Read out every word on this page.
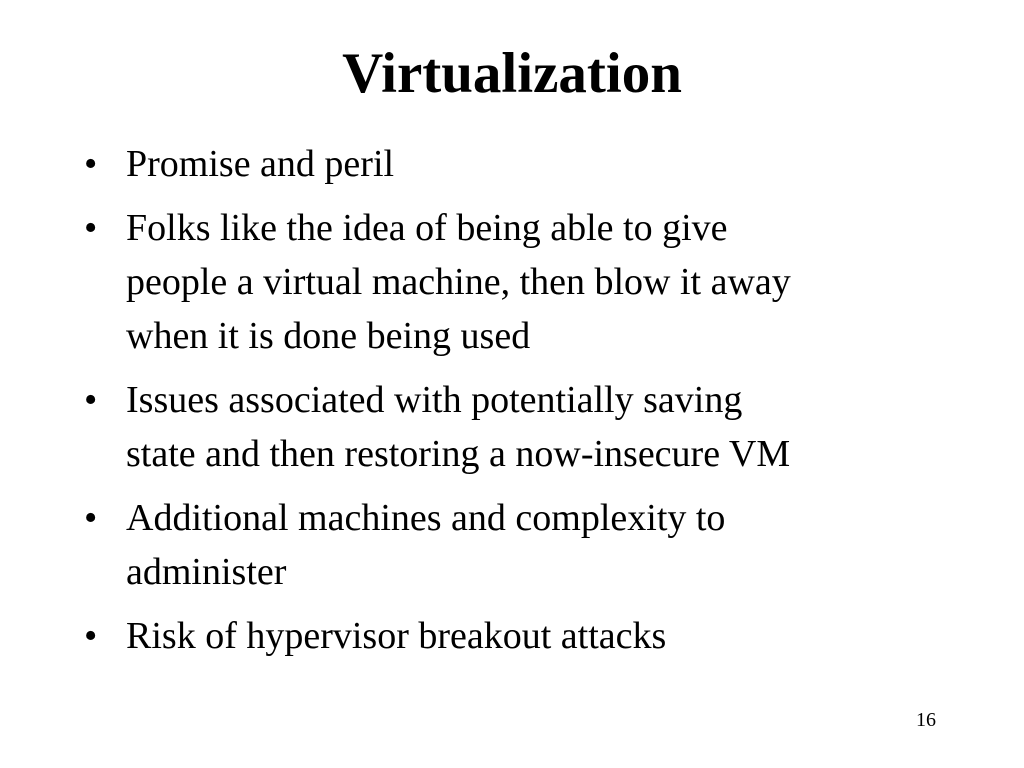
Virtualization
• Promise and peril
• Folks like the idea of being able to give
people a virtual machine, then blow it away
when it is done being used
• Issues associated with potentially saving
state and then restoring a now-insecure VM
• Additional machines and complexity to
administer
• Risk of hypervisor breakout attacks
16
